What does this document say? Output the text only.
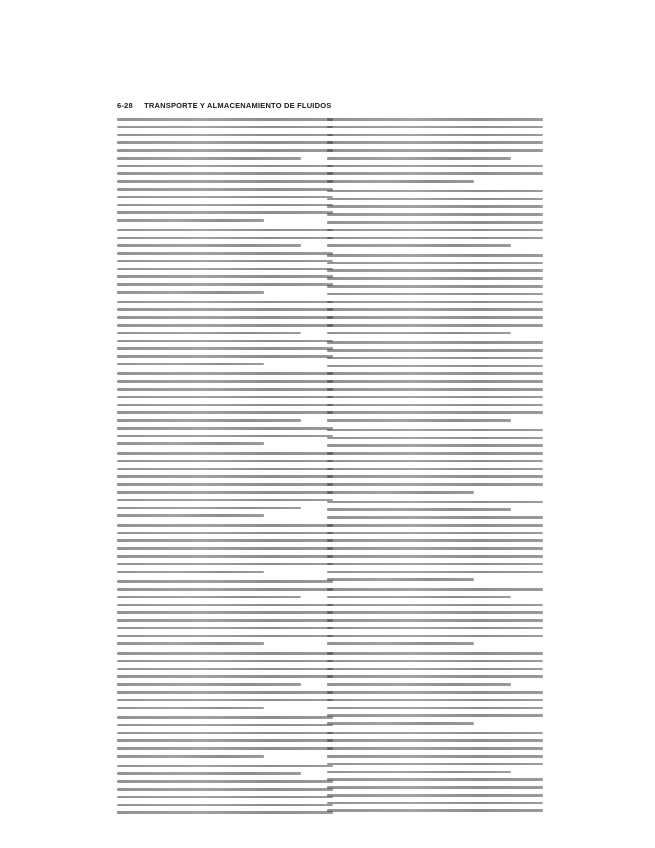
6-28 TRANSPORTE Y ALMACENAMIENTO DE FLUIDOS
